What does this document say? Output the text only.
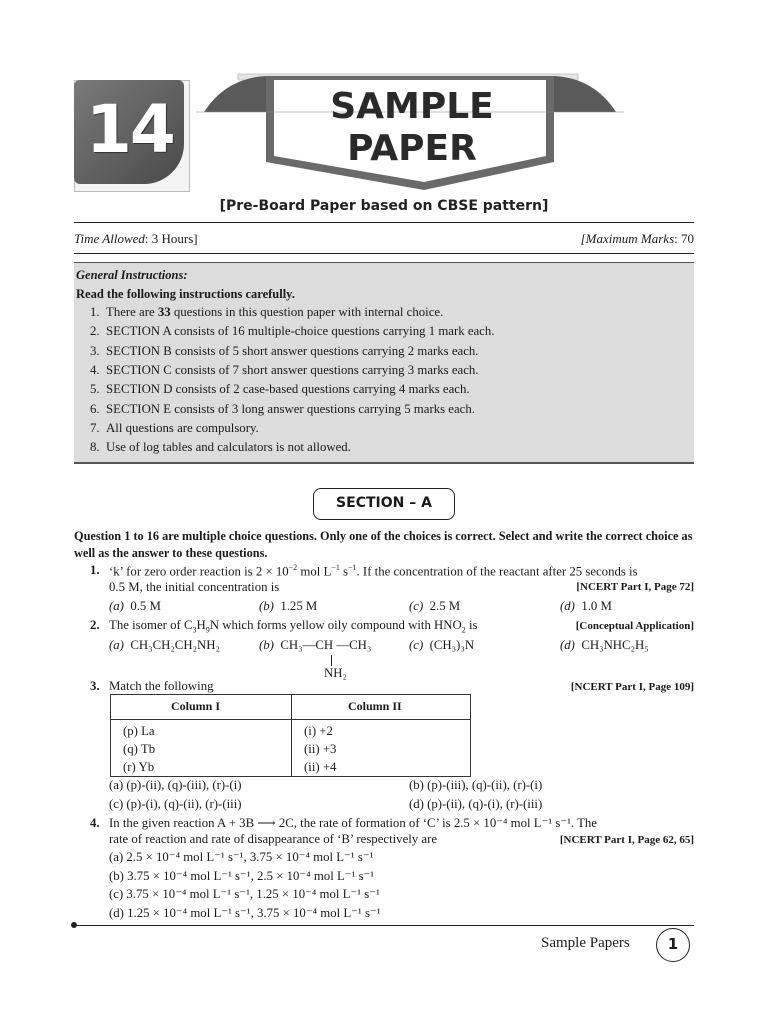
14	SAMPLE
PAPER
[Pre-Board Paper based on CBSE pattern]
Time Allowed: 3 Hours]	[Maximum Marks: 70
General Instructions:
Read the following instructions carefully.
1. There are 33 questions in this question paper with internal choice.
2. SECTION A consists of 16 multiple-choice questions carrying 1 mark each.
3. SECTION B consists of 5 short answer questions carrying 2 marks each.
4. SECTION C consists of 7 short answer questions carrying 3 marks each.
5. SECTION D consists of 2 case-based questions carrying 4 marks each.
6. SECTION E consists of 3 long answer questions carrying 5 marks each.
7. All questions are compulsory.
8. Use of log tables and calculators is not allowed.
SECTION – A
Question 1 to 16 are multiple choice questions. Only one of the choices is correct. Select and write the correct choice as well as the answer to these questions.
1. ‘k’ for zero order reaction is $2 \times 10^{-2}$ mol $L^{-1}$ $s^{-1}$. If the concentration of the reactant after 25 seconds is
0.5 M, the initial concentration is	[NCERT Part I, Page 72]
(a) 0.5 M	(b) 1.25 M	(c) 2.5 M	(d) 1.0 M
2. The isomer of $C_3H_9N$ which forms yellow oily compound with $HNO_2$ is	[Conceptual Application]
(a) CH₃CH₂CH₂NH₂	(b) CH₃—CH —CH₃
NH₂
(c) (CH₃)₃N	(d) CH₃NHC₂H₅
3. Match the following	[NCERT Part I, Page 109]
Column I	Column II
(p) La	(i) +2
(q) Tb	(ii) +3
(r) Yb	(ii) +4
(a) (p)-(ii), (q)-(iii), (r)-(i)	(b) (p)-(iii), (q)-(ii), (r)-(i)
(c) (p)-(i), (q)-(ii), (r)-(iii)	(d) (p)-(ii), (q)-(i), (r)-(iii)
4. In the given reaction A + 3B ⟶ 2C, the rate of formation of ‘C’ is 2.5 × 10⁻⁴ mol L⁻¹ s⁻¹. The
rate of reaction and rate of disappearance of ‘B’ respectively are	[NCERT Part I, Page 62, 65]
(a) 2.5 × 10⁻⁴ mol L⁻¹ s⁻¹, 3.75 × 10⁻⁴ mol L⁻¹ s⁻¹
(b) 3.75 × 10⁻⁴ mol L⁻¹ s⁻¹, 2.5 × 10⁻⁴ mol L⁻¹ s⁻¹
(c) 3.75 × 10⁻⁴ mol L⁻¹ s⁻¹, 1.25 × 10⁻⁴ mol L⁻¹ s⁻¹
(d) 1.25 × 10⁻⁴ mol L⁻¹ s⁻¹, 3.75 × 10⁻⁴ mol L⁻¹ s⁻¹
Sample Papers	1
